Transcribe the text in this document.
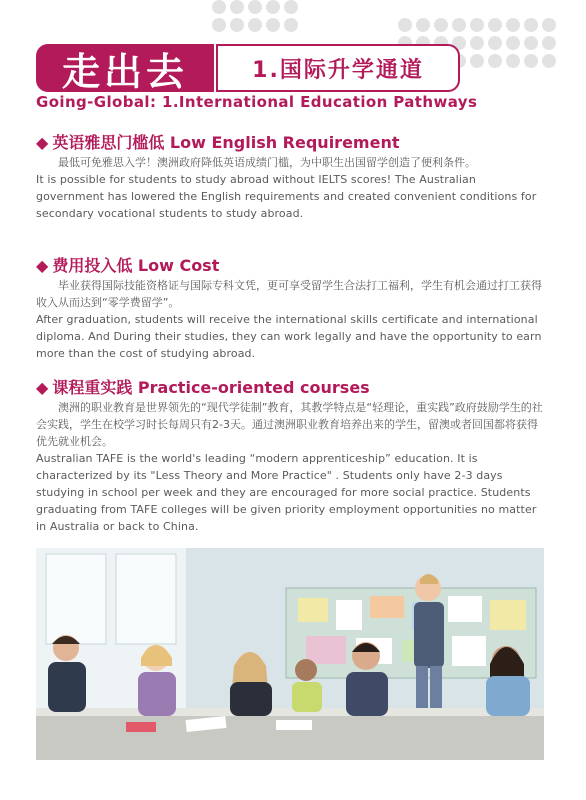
走出去	1.国际升学通道
Going-Global: 1.International Education Pathways
◆ 英语雅思门槛低 Low English Requirement

最低可免雅思入学！澳洲政府降低英语成绩门槛，为中职生出国留学创造了便利条件。

It is possible for students to study abroad without IELTS scores! The Australian government has lowered the English requirements and created convenient conditions for secondary vocational students to study abroad.

◆ 费用投入低 Low Cost

毕业获得国际技能资格证与国际专科文凭，更可享受留学生合法打工福利，学生有机会通过打工获得收入从而达到“零学费留学”。

After graduation, students will receive the international skills certificate and international diploma. And During their studies, they can work legally and have the opportunity to earn more than the cost of studying abroad.

◆ 课程重实践 Practice-oriented courses

澳洲的职业教育是世界领先的“现代学徒制”教育，其教学特点是“轻理论，重实践”政府鼓励学生的社会实践，学生在校学习时长每周只有2-3天。通过澳洲职业教育培养出来的学生，留澳或者回国都将获得优先就业机会。

Australian TAFE is the world's leading “modern apprenticeship” education. It is characterized by its "Less Theory and More Practice" . Students only have 2-3 days studying in school per week and they are encouraged for more social practice. Students graduating from TAFE colleges will be given priority employment opportunities no matter in Australia or back to China.
